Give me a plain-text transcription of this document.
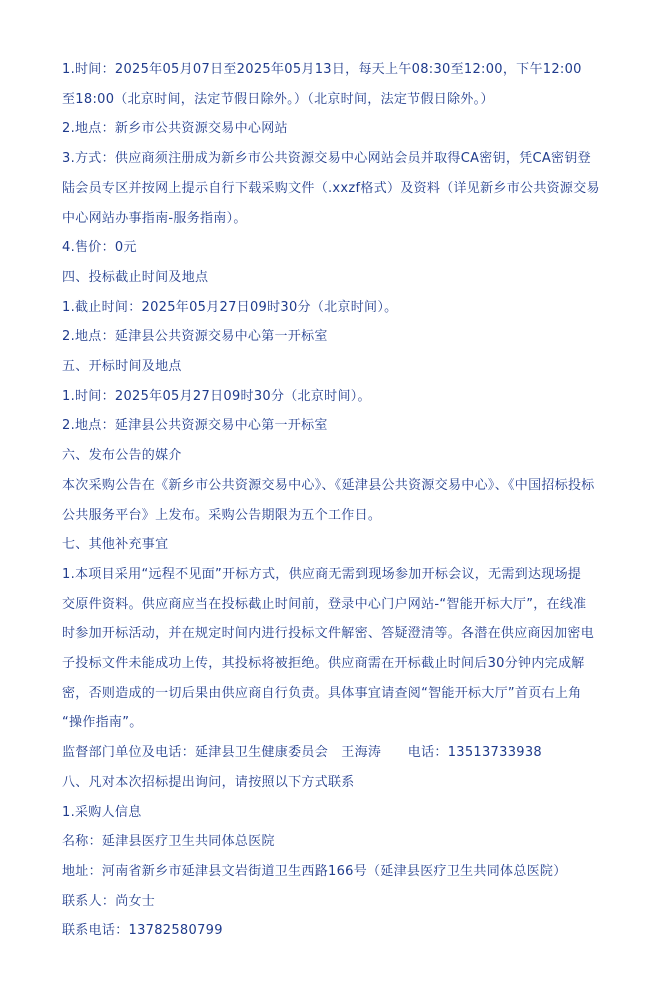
1.时间：2025年05月07日至2025年05月13日，每天上午08:30至12:00，下午12:00
至18:00（北京时间，法定节假日除外。）（北京时间，法定节假日除外。）
2.地点：新乡市公共资源交易中心网站
3.方式：供应商须注册成为新乡市公共资源交易中心网站会员并取得CA密钥，凭CA密钥登
陆会员专区并按网上提示自行下载采购文件（.xxzf格式）及资料（详见新乡市公共资源交易
中心网站办事指南-服务指南）。
4.售价：0元
四、投标截止时间及地点
1.截止时间：2025年05月27日09时30分（北京时间）。
2.地点：延津县公共资源交易中心第一开标室
五、开标时间及地点
1.时间：2025年05月27日09时30分（北京时间）。
2.地点：延津县公共资源交易中心第一开标室
六、发布公告的媒介
本次采购公告在《新乡市公共资源交易中心》、《延津县公共资源交易中心》、《中国招标投标
公共服务平台》上发布。采购公告期限为五个工作日。
七、其他补充事宜
1.本项目采用“远程不见面”开标方式，供应商无需到现场参加开标会议，无需到达现场提
交原件资料。供应商应当在投标截止时间前，登录中心门户网站-“智能开标大厅”，在线准
时参加开标活动，并在规定时间内进行投标文件解密、答疑澄清等。各潜在供应商因加密电
子投标文件未能成功上传，其投标将被拒绝。供应商需在开标截止时间后30分钟内完成解
密，否则造成的一切后果由供应商自行负责。具体事宜请查阅“智能开标大厅”首页右上角
“操作指南”。
监督部门单位及电话：延津县卫生健康委员会　王海涛　　电话：13513733938
八、凡对本次招标提出询问，请按照以下方式联系
1.采购人信息
名称：延津县医疗卫生共同体总医院
地址：河南省新乡市延津县文岩街道卫生西路166号（延津县医疗卫生共同体总医院）
联系人：尚女士
联系电话：13782580799
